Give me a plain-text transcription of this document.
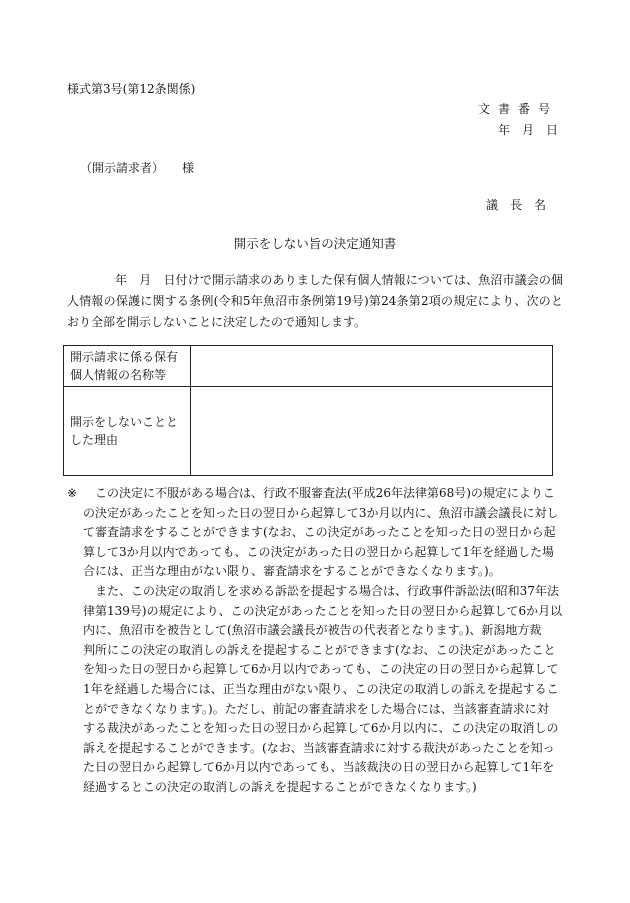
様式第3号(第12条関係)
文書番号
年　月　日
（開示請求者）　　様
議　長　名
開示をしない旨の決定通知書
年　月　日付けで開示請求のありました保有個人情報については、魚沼市議会の個人情報の保護に関する条例(令和5年魚沼市条例第19号)第24条第2項の規定により、次のとおり全部を開示しないことに決定したので通知します。
開示請求に係る保有個人情報の名称等	
開示をしないことと した理由	
※ この決定に不服がある場合は、行政不服審査法(平成26年法律第68号)の規定によりこ
の決定があったことを知った日の翌日から起算して3か月以内に、魚沼市議会議長に対し
て審査請求をすることができます(なお、この決定があったことを知った日の翌日から起
算して3か月以内であっても、この決定があった日の翌日から起算して1年を経過した場
合には、正当な理由がない限り、審査請求をすることができなくなります。)。
また、この決定の取消しを求める訴訟を提起する場合は、行政事件訴訟法(昭和37年法
律第139号)の規定により、この決定があったことを知った日の翌日から起算して6か月以
内に、魚沼市を被告として(魚沼市議会議長が被告の代表者となります。)、新潟地方裁
判所にこの決定の取消しの訴えを提起することができます(なお、この決定があったこと
を知った日の翌日から起算して6か月以内であっても、この決定の日の翌日から起算して
1年を経過した場合には、正当な理由がない限り、この決定の取消しの訴えを提起するこ
とができなくなります。)。ただし、前記の審査請求をした場合には、当該審査請求に対
する裁決があったことを知った日の翌日から起算して6か月以内に、この決定の取消しの
訴えを提起することができます。(なお、当該審査請求に対する裁決があったことを知っ
た日の翌日から起算して6か月以内であっても、当該裁決の日の翌日から起算して1年を
経過するとこの決定の取消しの訴えを提起することができなくなります。)
